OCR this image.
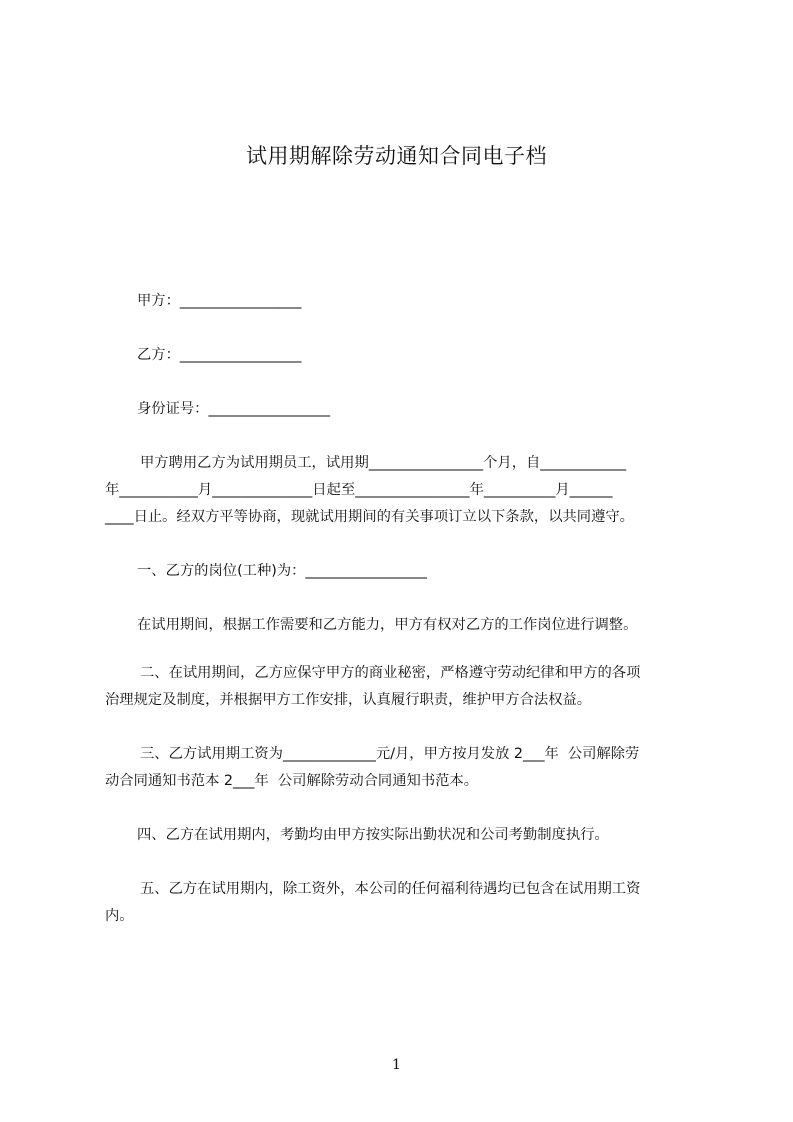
试用期解除劳动通知合同电子档
甲方：_________________
乙方：_________________
身份证号：_________________
甲方聘用乙方为试用期员工，试用期________________个月，自____________
年___________月______________日起至________________年__________月______
____日止。经双方平等协商，现就试用期间的有关事项订立以下条款，以共同遵守。
一、乙方的岗位(工种)为：_________________
在试用期间，根据工作需要和乙方能力，甲方有权对乙方的工作岗位进行调整。
二、在试用期间，乙方应保守甲方的商业秘密，严格遵守劳动纪律和甲方的各项
治理规定及制度，并根据甲方工作安排，认真履行职责，维护甲方合法权益。
三、乙方试用期工资为_____________元/月，甲方按月发放 2___年  公司解除劳
动合同通知书范本 2___年  公司解除劳动合同通知书范本。
四、乙方在试用期内，考勤均由甲方按实际出勤状况和公司考勤制度执行。
五、乙方在试用期内，除工资外，本公司的任何福利待遇均已包含在试用期工资
内。
1
